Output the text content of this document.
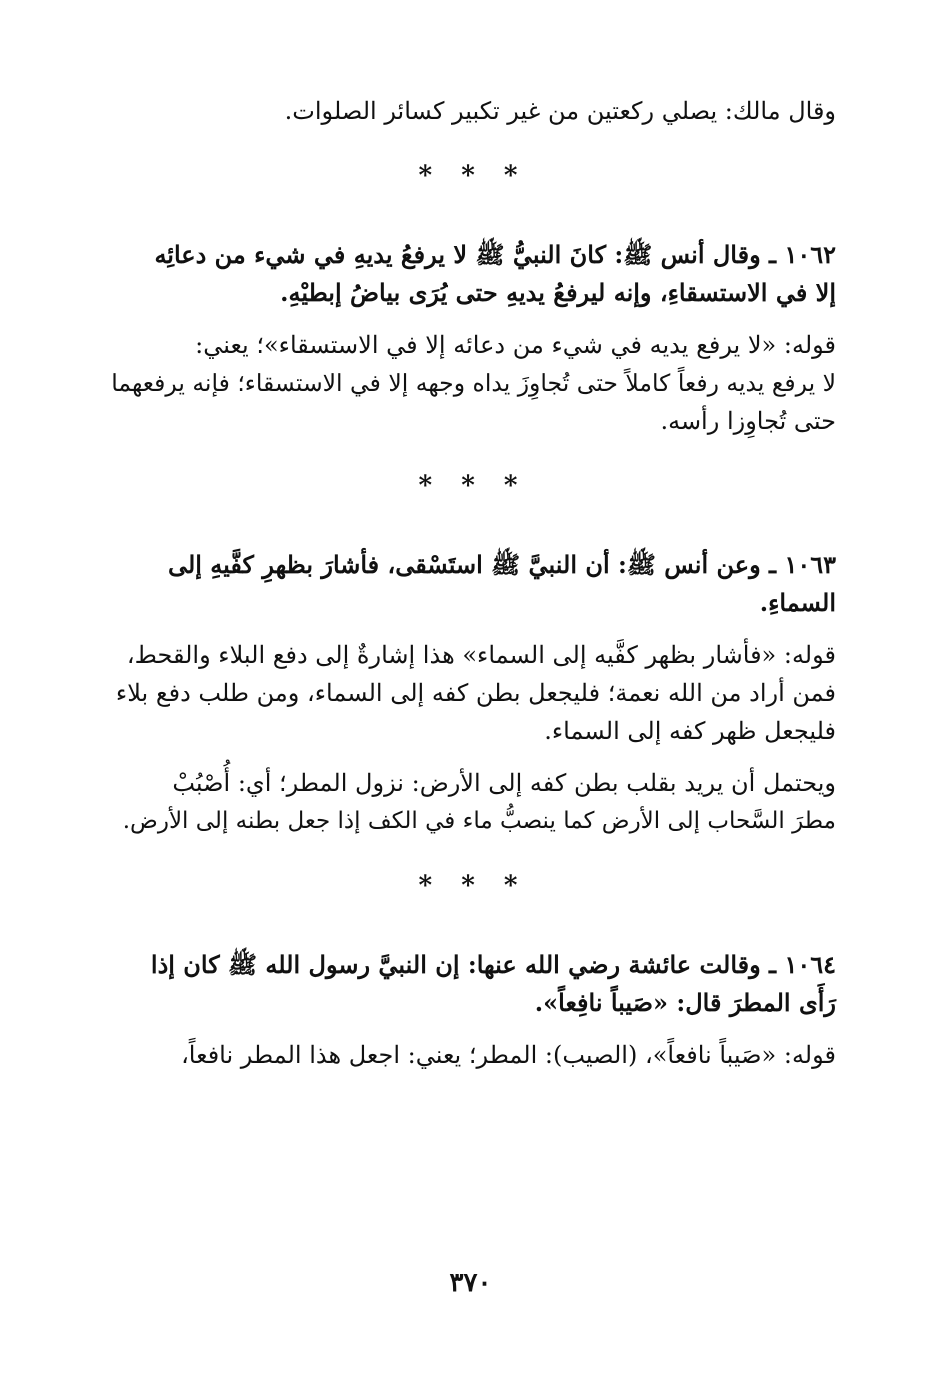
وقال مالك: يصلي ركعتين من غير تكبير كسائر الصلوات.

* * *

١٠٦٢ ـ وقال أنس ﷺ: كانَ النبيُّ ﷺ لا يرفعُ يديهِ في شيء من دعائِه

إلا في الاستسقاءِ، وإنه ليرفعُ يديهِ حتى يُرَى بياضُ إبطيْهِ.

قوله: «لا يرفع يديه في شيء من دعائه إلا في الاستسقاء»؛ يعني:

لا يرفع يديه رفعاً كاملاً حتى تُجاوِزَ يداه وجهه إلا في الاستسقاء؛ فإنه يرفعهما

حتى تُجاوِزا رأسه.

* * *

١٠٦٣ ـ وعن أنس ﷺ: أن النبيَّ ﷺ استَسْقى، فأشارَ بظهرِ كفَّيهِ إلى

السماءِ.

قوله: «فأشار بظهر كفَّيه إلى السماء» هذا إشارةٌ إلى دفع البلاء والقحط،

فمن أراد من الله نعمة؛ فليجعل بطن كفه إلى السماء، ومن طلب دفع بلاء

فليجعل ظهر كفه إلى السماء.

ويحتمل أن يريد بقلب بطن كفه إلى الأرض: نزول المطر؛ أي: أُصْبُبْ

مطرَ السَّحاب إلى الأرض كما ينصبُّ ماء في الكف إذا جعل بطنه إلى الأرض.

* * *

١٠٦٤ ـ وقالت عائشة رضي الله عنها: إن النبيَّ رسول الله ﷺ كان إذا

رَأَى المطرَ قال: «صَيباً نافِعاً».

قوله: «صَيباً نافعاً»، (الصيب): المطر؛ يعني: اجعل هذا المطر نافعاً،

٣٧٠
